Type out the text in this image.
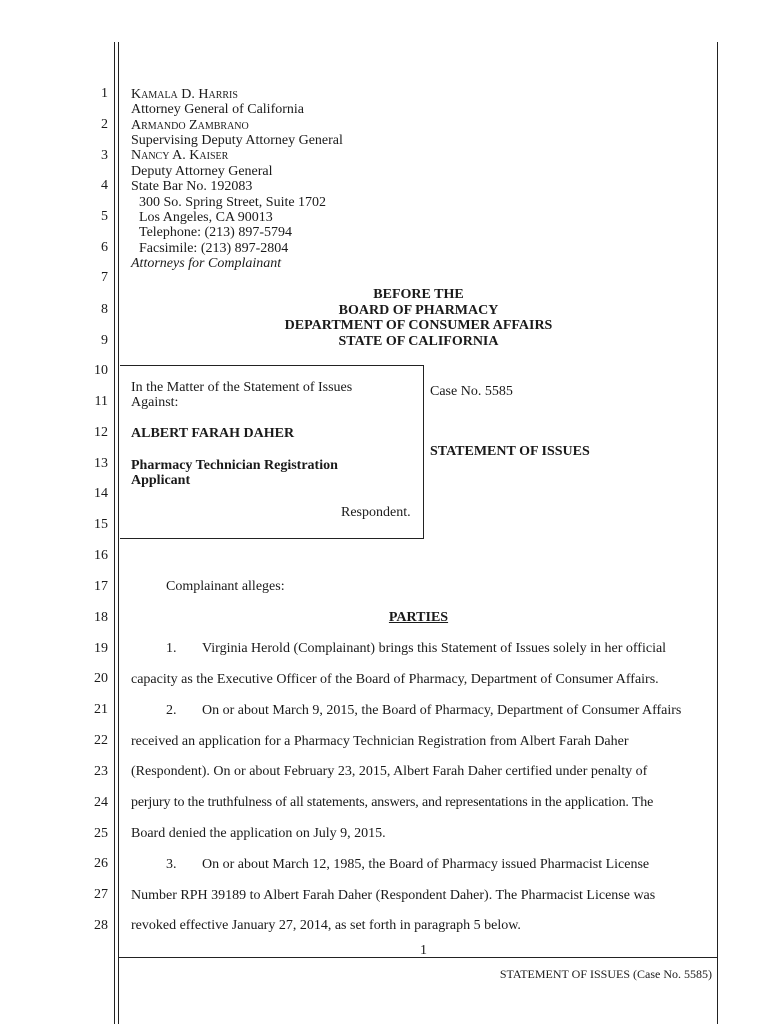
1
2
3
4
5
6
7
8
9
10
11
12
13
14
15
16
17
18
19
20
21
22
23
24
25
26
27
28
Kamala D. Harris
Attorney General of California
Armando Zambrano
Supervising Deputy Attorney General
Nancy A. Kaiser
Deputy Attorney General
State Bar No. 192083
300 So. Spring Street, Suite 1702
Los Angeles, CA 90013
Telephone: (213) 897-5794
Facsimile: (213) 897-2804
Attorneys for Complainant
BEFORE THE
BOARD OF PHARMACY
DEPARTMENT OF CONSUMER AFFAIRS
STATE OF CALIFORNIA
In the Matter of the Statement of Issues
Against:
ALBERT FARAH DAHER
Pharmacy Technician Registration
Applicant
Respondent.
Case No. 5585
STATEMENT OF ISSUES
Complainant alleges:
PARTIES
1. Virginia Herold (Complainant) brings this Statement of Issues solely in her official
capacity as the Executive Officer of the Board of Pharmacy, Department of Consumer Affairs.
2. On or about March 9, 2015, the Board of Pharmacy, Department of Consumer Affairs
received an application for a Pharmacy Technician Registration from Albert Farah Daher
(Respondent). On or about February 23, 2015, Albert Farah Daher certified under penalty of
perjury to the truthfulness of all statements, answers, and representations in the application. The
Board denied the application on July 9, 2015.
3. On or about March 12, 1985, the Board of Pharmacy issued Pharmacist License
Number RPH 39189 to Albert Farah Daher (Respondent Daher). The Pharmacist License was
revoked effective January 27, 2014, as set forth in paragraph 5 below.
1
STATEMENT OF ISSUES (Case No. 5585)
